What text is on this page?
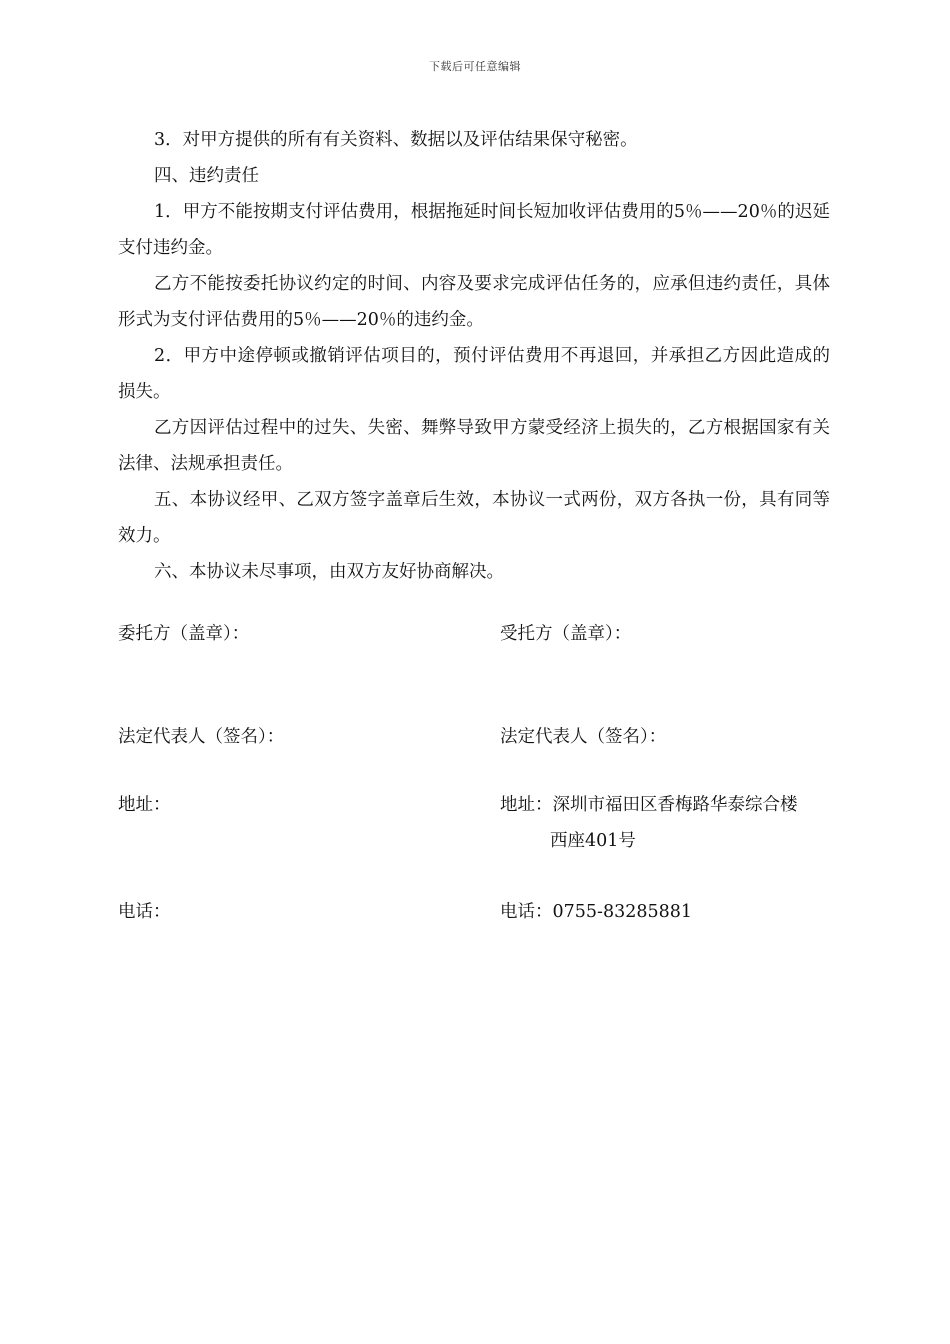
下载后可任意编辑

3．对甲方提供的所有有关资料、数据以及评估结果保守秘密。

四、违约责任

1．甲方不能按期支付评估费用，根据拖延时间长短加收评估费用的5％——20％的迟延支付违约金。

乙方不能按委托协议约定的时间、内容及要求完成评估任务的，应承但违约责任，具体形式为支付评估费用的5％——20％的违约金。

2．甲方中途停顿或撤销评估项目的，预付评估费用不再退回，并承担乙方因此造成的损失。

乙方因评估过程中的过失、失密、舞弊导致甲方蒙受经济上损失的，乙方根据国家有关法律、法规承担责任。

五、本协议经甲、乙双方签字盖章后生效，本协议一式两份，双方各执一份，具有同等效力。

六、本协议未尽事项，由双方友好协商解决。

委托方（盖章）：	受托方（盖章）：
法定代表人（签名）：	法定代表人（签名）：
地址：	地址：深圳市福田区香梅路华泰综合楼
西座401号
电话：	电话：0755-83285881
